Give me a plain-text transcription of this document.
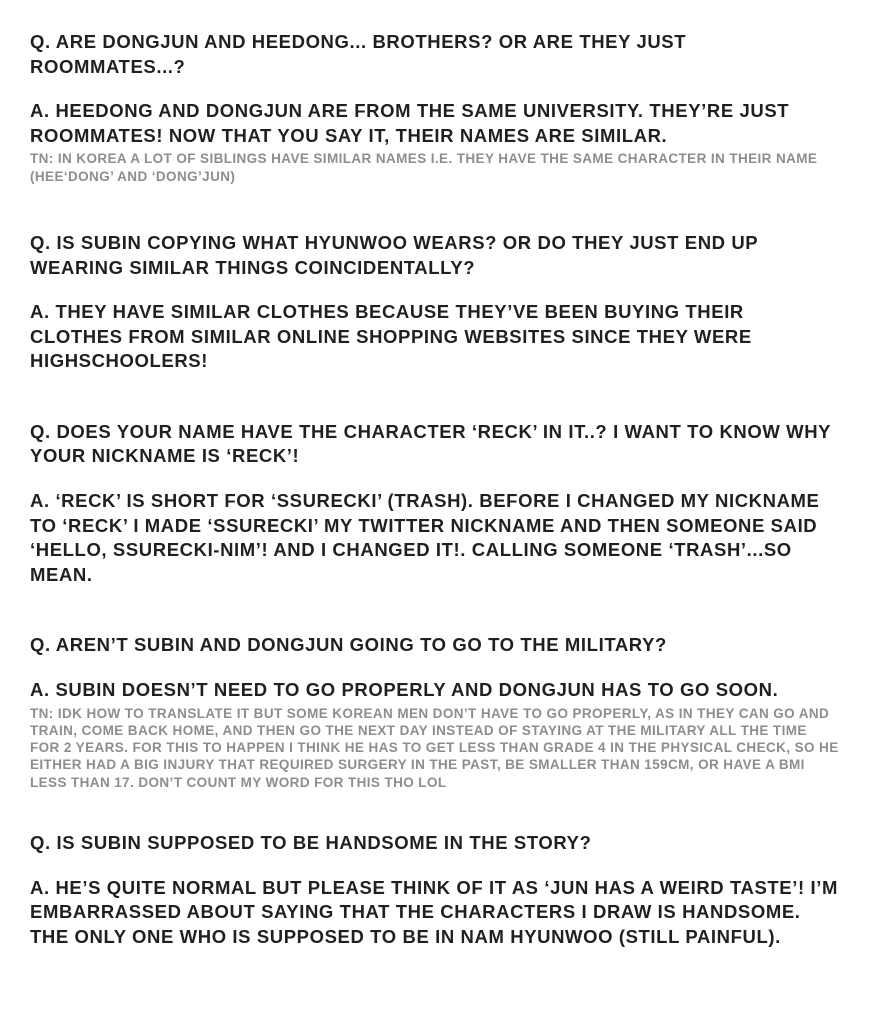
Q. ARE DONGJUN AND HEEDONG... BROTHERS? OR ARE THEY JUST ROOMMATES...?

A. HEEDONG AND DONGJUN ARE FROM THE SAME UNIVERSITY. THEY’RE JUST ROOMMATES! NOW THAT YOU SAY IT, THEIR NAMES ARE SIMILAR.

TN: IN KOREA A LOT OF SIBLINGS HAVE SIMILAR NAMES I.E. THEY HAVE THE SAME CHARACTER IN THEIR NAME (HEE‘DONG’ AND ‘DONG’JUN)

Q. IS SUBIN COPYING WHAT HYUNWOO WEARS? OR DO THEY JUST END UP WEARING SIMILAR THINGS COINCIDENTALLY?

A. THEY HAVE SIMILAR CLOTHES BECAUSE THEY’VE BEEN BUYING THEIR CLOTHES FROM SIMILAR ONLINE SHOPPING WEBSITES SINCE THEY WERE HIGHSCHOOLERS!

Q. DOES YOUR NAME HAVE THE CHARACTER ‘RECK’ IN IT..? I WANT TO KNOW WHY YOUR NICKNAME IS ‘RECK’!

A. ‘RECK’ IS SHORT FOR ‘SSURECKI’ (TRASH). BEFORE I CHANGED MY NICKNAME TO ‘RECK’ I MADE ‘SSURECKI’ MY TWITTER NICKNAME AND THEN SOMEONE SAID ‘HELLO, SSURECKI-NIM’! AND I CHANGED IT!. CALLING SOMEONE ‘TRASH’...SO MEAN.

Q. AREN’T SUBIN AND DONGJUN GOING TO GO TO THE MILITARY?

A. SUBIN DOESN’T NEED TO GO PROPERLY AND DONGJUN HAS TO GO SOON.

TN: IDK HOW TO TRANSLATE IT BUT SOME KOREAN MEN DON’T HAVE TO GO PROPERLY, AS IN THEY CAN GO AND TRAIN, COME BACK HOME, AND THEN GO THE NEXT DAY INSTEAD OF STAYING AT THE MILITARY ALL THE TIME FOR 2 YEARS. FOR THIS TO HAPPEN I THINK HE HAS TO GET LESS THAN GRADE 4 IN THE PHYSICAL CHECK, SO HE EITHER HAD A BIG INJURY THAT REQUIRED SURGERY IN THE PAST, BE SMALLER THAN 159CM, OR HAVE A BMI LESS THAN 17. DON’T COUNT MY WORD FOR THIS THO LOL

Q. IS SUBIN SUPPOSED TO BE HANDSOME IN THE STORY?

A. HE’S QUITE NORMAL BUT PLEASE THINK OF IT AS ‘JUN HAS A WEIRD TASTE’! I’M EMBARRASSED ABOUT SAYING THAT THE CHARACTERS I DRAW IS HANDSOME. THE ONLY ONE WHO IS SUPPOSED TO BE IN NAM HYUNWOO (STILL PAINFUL).
